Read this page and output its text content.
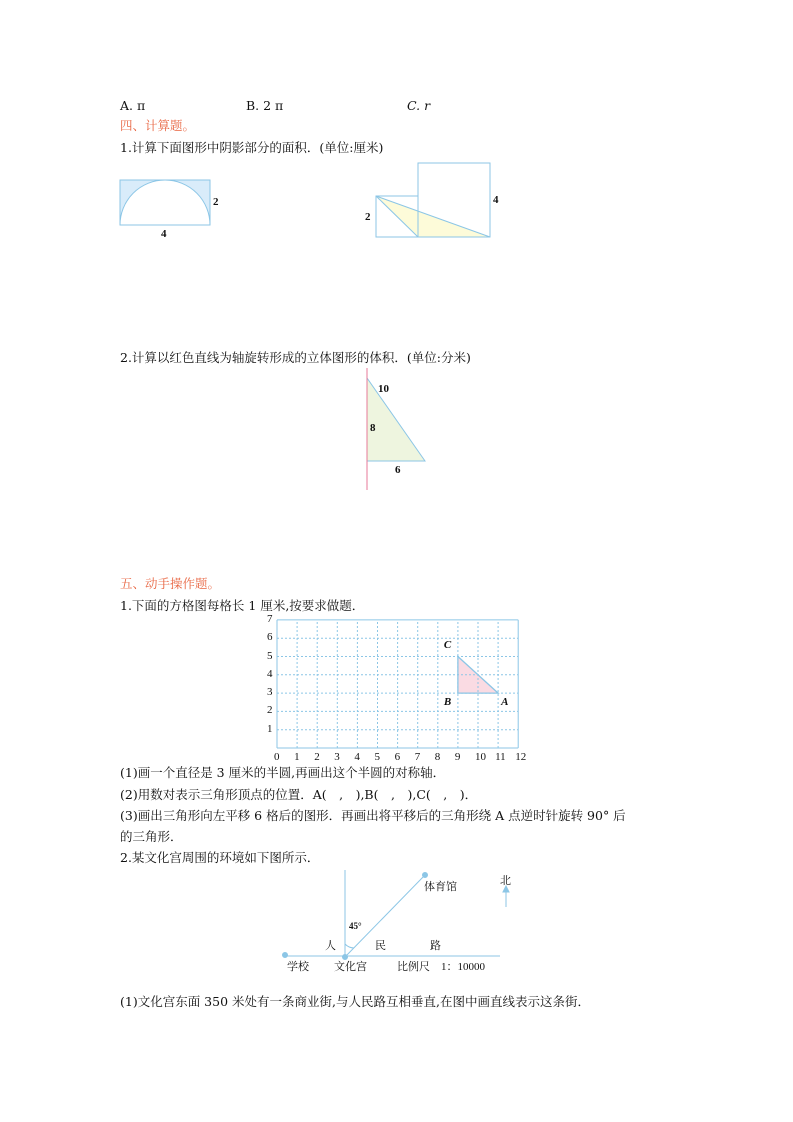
A. π	B. 2 π	C. r
四、计算题。
1.计算下面图形中阴影部分的面积．(单位:厘米)
2
4
2
4
2.计算以红色直线为轴旋转形成的立体图形的体积．(单位:分米)
10
8
6
五、动手操作题。
1.下面的方格图每格长 1 厘米,按要求做题．
0 1 2 3 4 5 6 7 8 9 10 11 12
1
2
3
4
5
6
7
A
B
C
(1)画一个直径是 3 厘米的半圆,再画出这个半圆的对称轴．
(2)用数对表示三角形顶点的位置．A(　,　),B(　,　),C(　,　)．
(3)画出三角形向左平移 6 格后的图形．再画出将平移后的三角形绕 A 点逆时针旋转 90° 后
的三角形．
2.某文化宫周围的环境如下图所示．
体育馆	北
45°
人	民	路
学校 文化宫	比例尺　1：10000
(1)文化宫东面 350 米处有一条商业街,与人民路互相垂直,在图中画直线表示这条街．
